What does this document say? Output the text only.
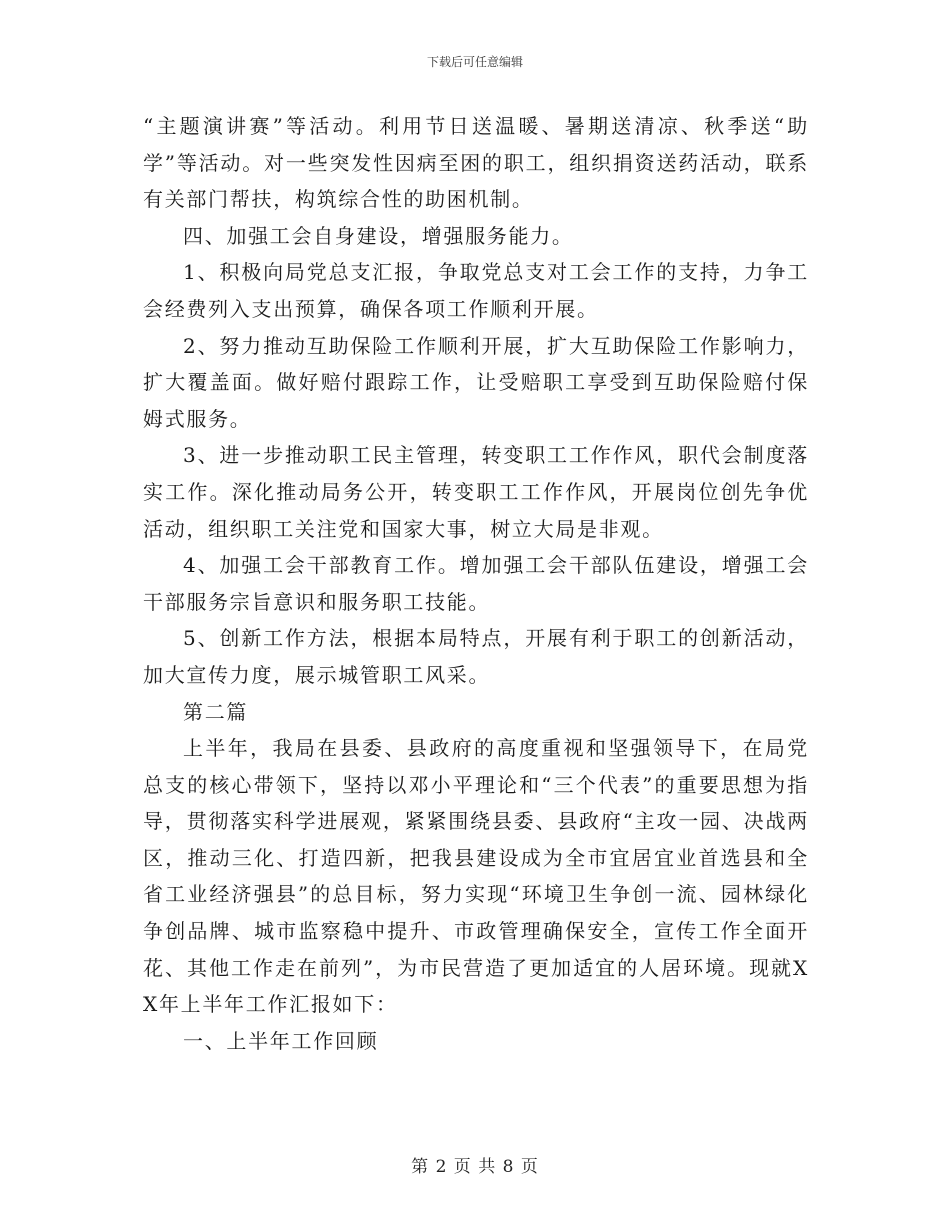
下载后可任意编辑

“主题演讲赛”等活动。利用节日送温暖、暑期送清凉、秋季送“助学”等活动。对一些突发性因病至困的职工，组织捐资送药活动，联系有关部门帮扶，构筑综合性的助困机制。

四、加强工会自身建设，增强服务能力。

1、积极向局党总支汇报，争取党总支对工会工作的支持，力争工会经费列入支出预算，确保各项工作顺利开展。

2、努力推动互助保险工作顺利开展，扩大互助保险工作影响力，扩大覆盖面。做好赔付跟踪工作，让受赔职工享受到互助保险赔付保姆式服务。

3、进一步推动职工民主管理，转变职工工作作风，职代会制度落实工作。深化推动局务公开，转变职工工作作风，开展岗位创先争优活动，组织职工关注党和国家大事，树立大局是非观。

4、加强工会干部教育工作。增加强工会干部队伍建设，增强工会干部服务宗旨意识和服务职工技能。

5、创新工作方法，根据本局特点，开展有利于职工的创新活动，加大宣传力度，展示城管职工风采。

第二篇

上半年，我局在县委、县政府的高度重视和坚强领导下，在局党总支的核心带领下，坚持以邓小平理论和“三个代表”的重要思想为指导，贯彻落实科学进展观，紧紧围绕县委、县政府“主攻一园、决战两区，推动三化、打造四新，把我县建设成为全市宜居宜业首选县和全省工业经济强县”的总目标，努力实现“环境卫生争创一流、园林绿化争创品牌、城市监察稳中提升、市政管理确保安全，宣传工作全面开花、其他工作走在前列”，为市民营造了更加适宜的人居环境。现就XX年上半年工作汇报如下：

一、上半年工作回顾

第 2 页 共 8 页
